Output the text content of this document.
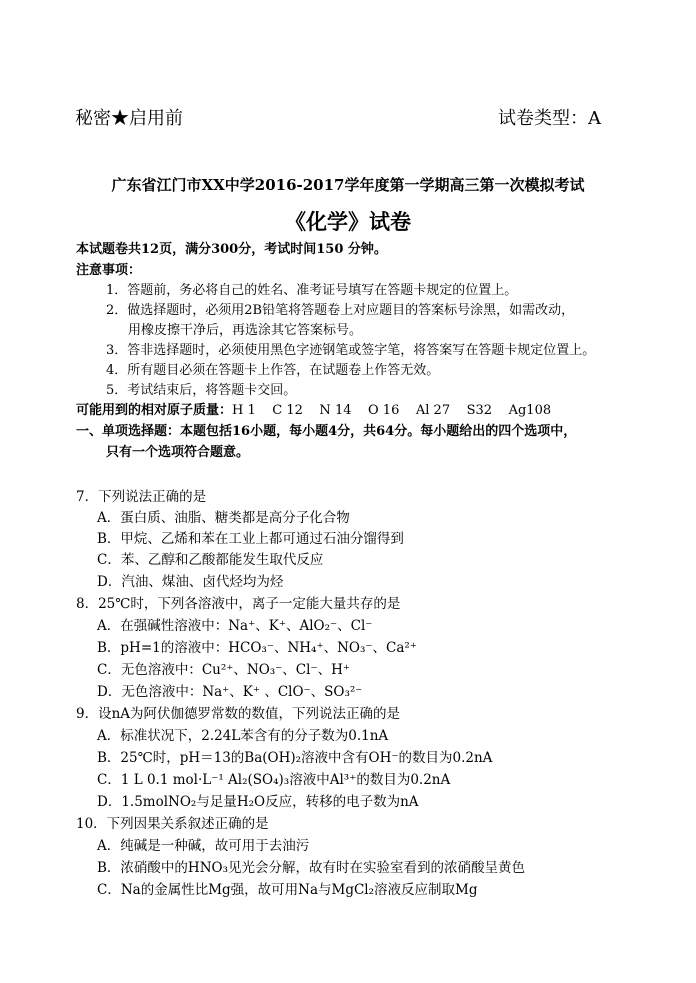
秘密★启用前	试卷类型：A
广东省江门市XX中学2016-2017学年度第一学期高三第一次模拟考试
《化学》试卷
本试题卷共12页，满分300分，考试时间150 分钟。
注意事项：
1．答题前，务必将自己的姓名、准考证号填写在答题卡规定的位置上。
2．做选择题时，必须用2B铅笔将答题卷上对应题目的答案标号涂黑，如需改动，
用橡皮擦干净后，再选涂其它答案标号。
3．答非选择题时，必须使用黑色字迹钢笔或签字笔，将答案写在答题卡规定位置上。
4．所有题目必须在答题卡上作答，在试题卷上作答无效。
5．考试结束后，将答题卡交回。
可能用到的相对原子质量：H 1    C 12    N 14    O 16    Al 27    S32    Ag108
一、单项选择题：本题包括16小题，每小题4分，共64分。每小题给出的四个选项中，
只有一个选项符合题意。
7．下列说法正确的是
A．蛋白质、油脂、糖类都是高分子化合物
B．甲烷、乙烯和苯在工业上都可通过石油分馏得到
C．苯、乙醇和乙酸都能发生取代反应
D．汽油、煤油、卤代烃均为烃
8．25℃时，下列各溶液中，离子一定能大量共存的是
A．在强碱性溶液中：Na⁺、K⁺、AlO₂⁻、Cl⁻
B．pH=1的溶液中：HCO₃⁻、NH₄⁺、NO₃⁻、Ca²⁺
C．无色溶液中：Cu²⁺、NO₃⁻、Cl⁻、H⁺
D．无色溶液中：Na⁺、K⁺ 、ClO⁻、SO₃²⁻
9．设nA为阿伏伽德罗常数的数值，下列说法正确的是
A．标准状况下，2.24L苯含有的分子数为0.1nA
B．25℃时，pH＝13的Ba(OH)₂溶液中含有OH⁻的数目为0.2nA
C．1 L 0.1 mol·L⁻¹ Al₂(SO₄)₃溶液中Al³⁺的数目为0.2nA
D．1.5molNO₂与足量H₂O反应，转移的电子数为nA
10．下列因果关系叙述正确的是
A．纯碱是一种碱，故可用于去油污
B．浓硝酸中的HNO₃见光会分解，故有时在实验室看到的浓硝酸呈黄色
C．Na的金属性比Mg强，故可用Na与MgCl₂溶液反应制取Mg
